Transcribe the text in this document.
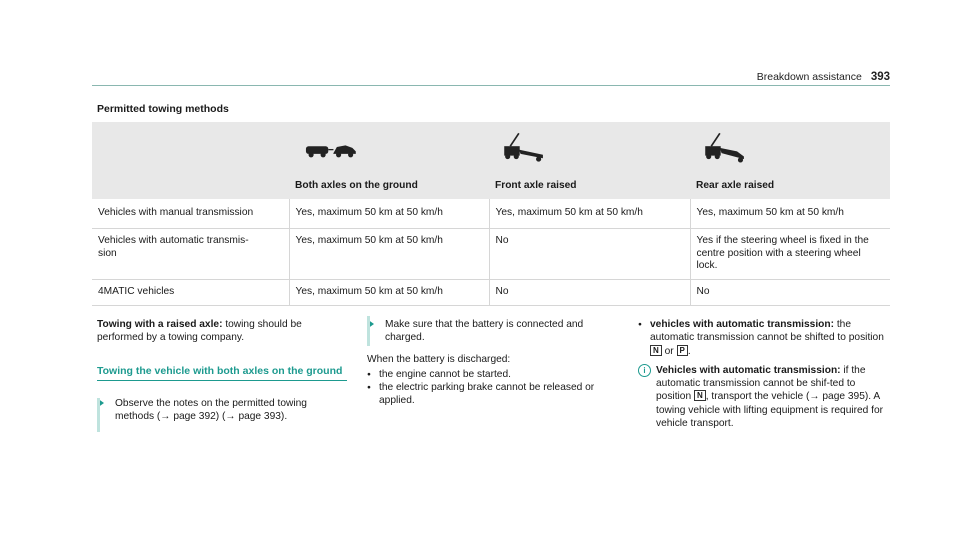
Breakdown assistance 393
Permitted towing methods

	Both axles on the ground	Front axle raised	Rear axle raised

Vehicles with manual transmission	Yes, maximum 50 km at 50 km/h	Yes, maximum 50 km at 50 km/h	Yes, maximum 50 km at 50 km/h
Vehicles with automatic transmis-
sion	Yes, maximum 50 km at 50 km/h	No	Yes if the steering wheel is fixed in the centre position with a steering wheel lock.
4MATIC vehicles	Yes, maximum 50 km at 50 km/h	No	No

Towing with a raised axle: towing should be performed by a towing company.

Towing the vehicle with both axles on the ground
Observe the notes on the permitted towing methods (→ page 392) (→ page 393).
Make sure that the battery is connected and charged.

When the battery is discharged:

● the engine cannot be started.
● the electric parking brake cannot be released or applied.
● vehicles with automatic transmission: the automatic transmission cannot be shifted to position N or P .
i	Vehicles with automatic transmission: if the automatic transmission cannot be shif-ted to position N , transport the vehicle (→ page 395). A towing vehicle with lifting equipment is required for vehicle transport.
